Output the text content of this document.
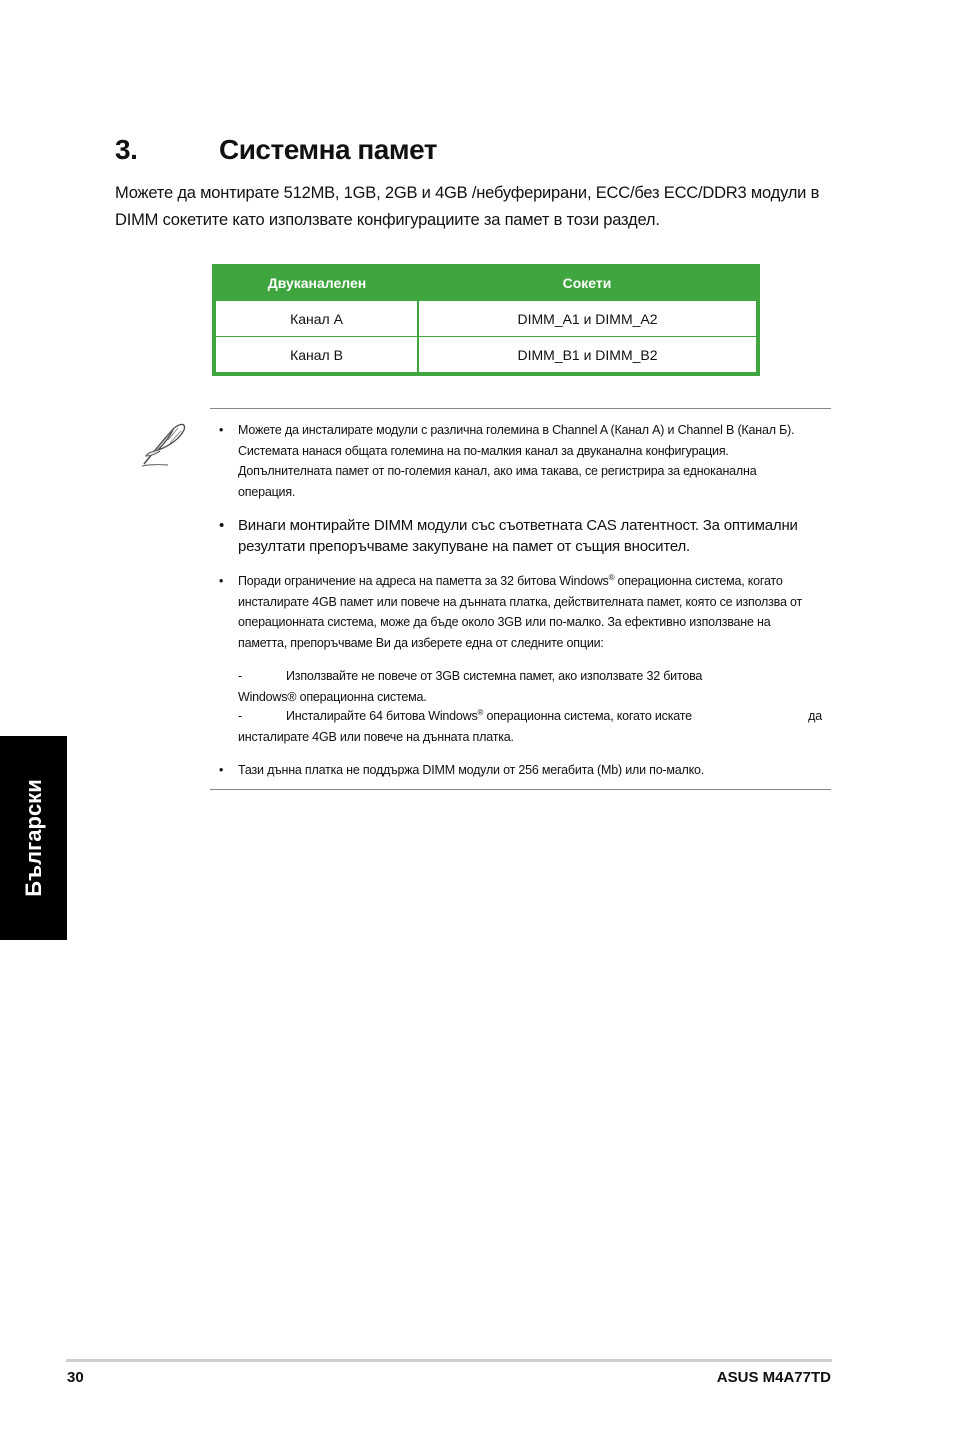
3.	Системна памет
Можете да монтирате 512MB, 1GB, 2GB и 4GB /небуферирани, ECC/без ECC/DDR3 модули в DIMM сокетите като използвате конфигурациите за памет в този раздел.
Двуканалелен	Сокети
Канал A	DIMM_A1 и DIMM_A2
Канал B	DIMM_B1 и DIMM_B2
• Можете да инсталирате модули с различна големина в Channel A (Канал A) и Channel B (Канал Б). Системата нанася общата големина на по-малкия канал за двуканална конфигурация. Допълнителната памет от по-големия канал, ако има такава, се регистрира за едноканална операция.
• Винаги монтирайте DIMM модули със съответната CAS латентност. За оптимални резултати препоръчваме закупуване на памет от същия вносител.
• Поради ограничение на адреса на паметта за 32 битова Windows® операционна система, когато инсталирате 4GB памет или повече на дънната платка, действителната памет, която се използва от операционната система, може да бъде около 3GB или по-малко. За ефективно използване на паметта, препоръчваме Ви да изберете една от следните опции:
-	Използвайте не повече от 3GB системна памет, ако използвате 32 битова
Windows® операционна система.
-	Инсталирайте 64 битова Windows® операционна система, когато искате	да
инсталирате 4GB или повече на дънната платка.
• Тази дънна платка не поддържа DIMM модули от 256 мегабита (Mb) или по-малко.
Български
30	ASUS M4A77TD
